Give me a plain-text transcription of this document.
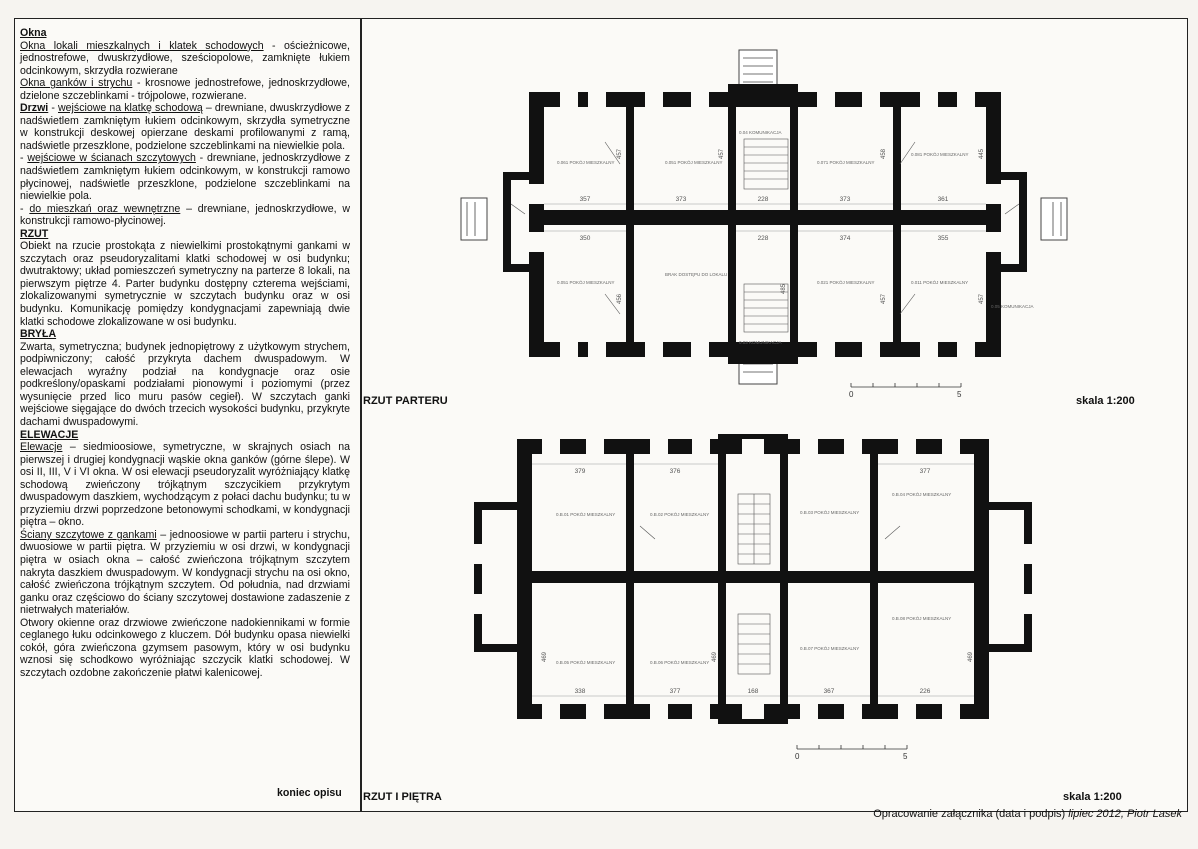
Okna

Okna lokali mieszkalnych i klatek schodowych - ościeżnicowe, jednostrefowe, dwuskrzydłowe, sześciopolowe, zamknięte łukiem odcinkowym, skrzydła rozwierane

Okna ganków i strychu - krosnowe jednostrefowe, jednoskrzydłowe, dzielone szczeblinkami - trójpolowe, rozwierane.

Drzwi - wejściowe na klatkę schodową – drewniane, dwuskrzydłowe z nadświetlem zamkniętym łukiem odcinkowym, skrzydła symetryczne w konstrukcji deskowej opierzane deskami profilowanymi z ramą, nadświetle przeszklone, podzielone szczeblinkami na niewielkie pola.

- wejściowe w ścianach szczytowych - drewniane, jednoskrzydłowe z nadświetlem zamkniętym łukiem odcinkowym, w konstrukcji ramowo płycinowej, nadświetle przeszklone, podzielone szczeblinkami na niewielkie pola.

- do mieszkań oraz wewnętrzne – drewniane, jednoskrzydłowe, w konstrukcji ramowo-płycinowej.

RZUT

Obiekt na rzucie prostokąta z niewielkimi prostokątnymi gankami w szczytach oraz pseudoryzalitami klatki schodowej w osi budynku; dwutraktowy; układ pomieszczeń symetryczny na parterze 8 lokali, na pierwszym piętrze 4. Parter budynku dostępny czterema wejściami, zlokalizowanymi symetrycznie w szczytach budynku oraz w osi budynku. Komunikację pomiędzy kondygnacjami zapewniają dwie klatki schodowe zlokalizowane w osi budynku.

BRYŁA

Zwarta, symetryczna; budynek jednopiętrowy z użytkowym strychem, podpiwniczony; całość przykryta dachem dwuspadowym. W elewacjach wyraźny podział na kondygnacje oraz osie podkreślony/opaskami podziałami pionowymi i poziomymi (przez wysunięcie przed lico muru pasów cegieł). W szczytach ganki wejściowe sięgające do dwóch trzecich wysokości budynku, przykryte dachami dwuspadowymi.

ELEWACJE

Elewacje – siedmioosiowe, symetryczne, w skrajnych osiach na pierwszej i drugiej kondygnacji wąskie okna ganków (górne ślepe). W osi II, III, V i VI okna. W osi elewacji pseudoryzalit wyróżniający klatkę schodową zwieńczony trójkątnym szczycikiem przykrytym dwuspadowym daszkiem, wychodzącym z połaci dachu budynku; tu w przyziemiu drzwi poprzedzone betonowymi schodkami, w kondygnacji piętra – okno.

Ściany szczytowe z gankami – jednoosiowe w partii parteru i strychu, dwuosiowe w partii piętra. W przyziemiu w osi drzwi, w kondygnacji piętra w osiach okna – całość zwieńczona trójkątnym szczytem nakryta daszkiem dwuspadowym. W kondygnacji strychu na osi okno, całość zwieńczona trójkątnym szczytem. Od południa, nad drzwiami ganku oraz częściowo do ściany szczytowej dostawione zadaszenie z nietrwałych materiałów.

Otwory okienne oraz drzwiowe zwieńczone nadokiennikami w formie ceglanego łuku odcinkowego z kluczem. Dół budynku opasa niewielki cokół, góra zwieńczona gzymsem pasowym, który w osi budynku wznosi się schodkowo wyróżniając szczycik klatki schodowej. W szczytach ozdobne zakończenie płatwi kalenicowej.

koniec opisu
357	373	228	373	361
350	228	374	355
457	457	458	445
456	457	457
485
0.061 POKÓJ MIESZKALNY	0.051 POKÓJ MIESZKALNY
0.04 KOMUNIKACJA
0.071 POKÓJ MIESZKALNY
0.081 POKÓJ MIESZKALNY
0.051 POKÓJ MIESZKALNY
BRAK DOSTĘPU DO LOKALU
0.021 POKÓJ MIESZKALNY	0.011 POKÓJ MIESZKALNY
0.03 KOMUNIKACJA
0.05 KOMUNIKACJA
0	5
RZUT PARTERU	skala 1:200
379	376	377
338	377	168	367	226
469	469	469
0.B.01 POKÓJ MIESZKALNY	0.B.02 POKÓJ MIESZKALNY	0.B.03 POKÓJ MIESZKALNY
0.B.04 POKÓJ MIESZKALNY
0.B.05 POKÓJ MIESZKALNY	0.B.06 POKÓJ MIESZKALNY
0.B.07 POKÓJ MIESZKALNY
0.B.08 POKÓJ MIESZKALNY
0	5
RZUT I PIĘTRA	skala 1:200
Opracowanie załącznika (data i podpis) lipiec 2012, Piotr Lasek
